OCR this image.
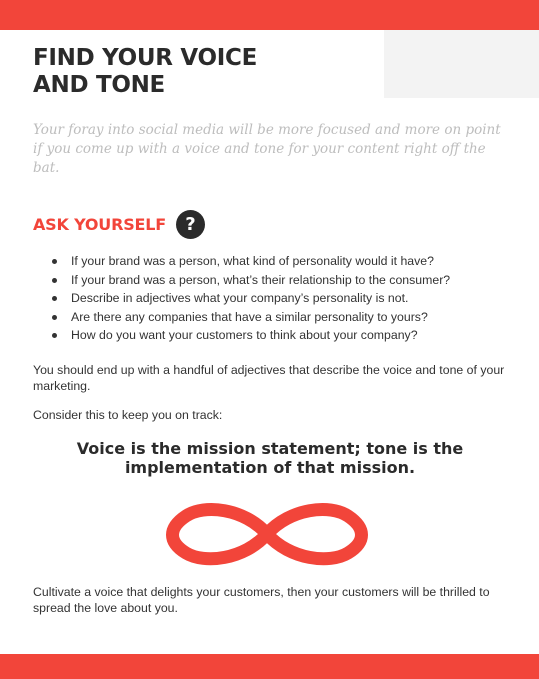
FIND YOUR VOICE
AND TONE

Your foray into social media will be more focused and more on point if you come up with a voice and tone for your content right off the bat.

ASK YOURSELF	?
If your brand was a person, what kind of personality would it have?
If your brand was a person, what’s their relationship to the consumer?
Describe in adjectives what your company’s personality is not.
Are there any companies that have a similar personality to yours?
How do you want your customers to think about your company?

You should end up with a handful of adjectives that describe the voice and tone of your marketing.

Consider this to keep you on track:

Voice is the mission statement; tone is the implementation of that mission.

Cultivate a voice that delights your customers, then your customers will be thrilled to spread the love about you.
